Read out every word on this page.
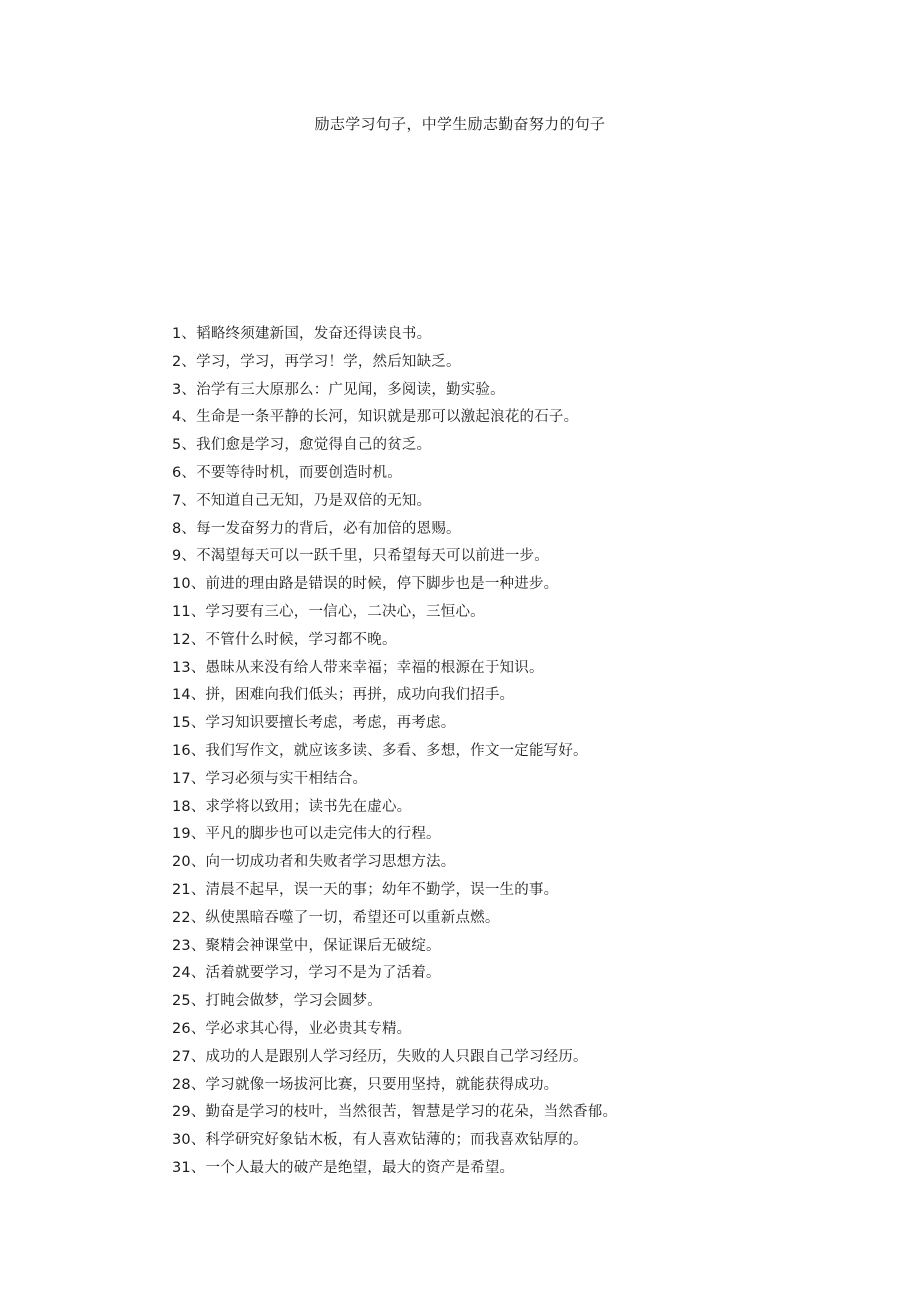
励志学习句子，中学生励志勤奋努力的句子
1、韬略终须建新国，发奋还得读良书。
2、学习，学习，再学习！学，然后知缺乏。
3、治学有三大原那么：广见闻，多阅读，勤实验。
4、生命是一条平静的长河，知识就是那可以激起浪花的石子。
5、我们愈是学习，愈觉得自己的贫乏。
6、不要等待时机，而要创造时机。
7、不知道自己无知，乃是双倍的无知。
8、每一发奋努力的背后，必有加倍的恩赐。
9、不渴望每天可以一跃千里，只希望每天可以前进一步。
10、前进的理由路是错误的时候，停下脚步也是一种进步。
11、学习要有三心，一信心，二决心，三恒心。
12、不管什么时候，学习都不晚。
13、愚昧从来没有给人带来幸福；幸福的根源在于知识。
14、拼，困难向我们低头；再拼，成功向我们招手。
15、学习知识要擅长考虑，考虑，再考虑。
16、我们写作文，就应该多读、多看、多想，作文一定能写好。
17、学习必须与实干相结合。
18、求学将以致用；读书先在虚心。
19、平凡的脚步也可以走完伟大的行程。
20、向一切成功者和失败者学习思想方法。
21、清晨不起早，误一天的事；幼年不勤学，误一生的事。
22、纵使黑暗吞噬了一切，希望还可以重新点燃。
23、聚精会神课堂中，保证课后无破绽。
24、活着就要学习，学习不是为了活着。
25、打盹会做梦，学习会圆梦。
26、学必求其心得，业必贵其专精。
27、成功的人是跟别人学习经历，失败的人只跟自己学习经历。
28、学习就像一场拔河比赛，只要用坚持，就能获得成功。
29、勤奋是学习的枝叶，当然很苦，智慧是学习的花朵，当然香郁。
30、科学研究好象钻木板，有人喜欢钻薄的；而我喜欢钻厚的。
31、一个人最大的破产是绝望，最大的资产是希望。
